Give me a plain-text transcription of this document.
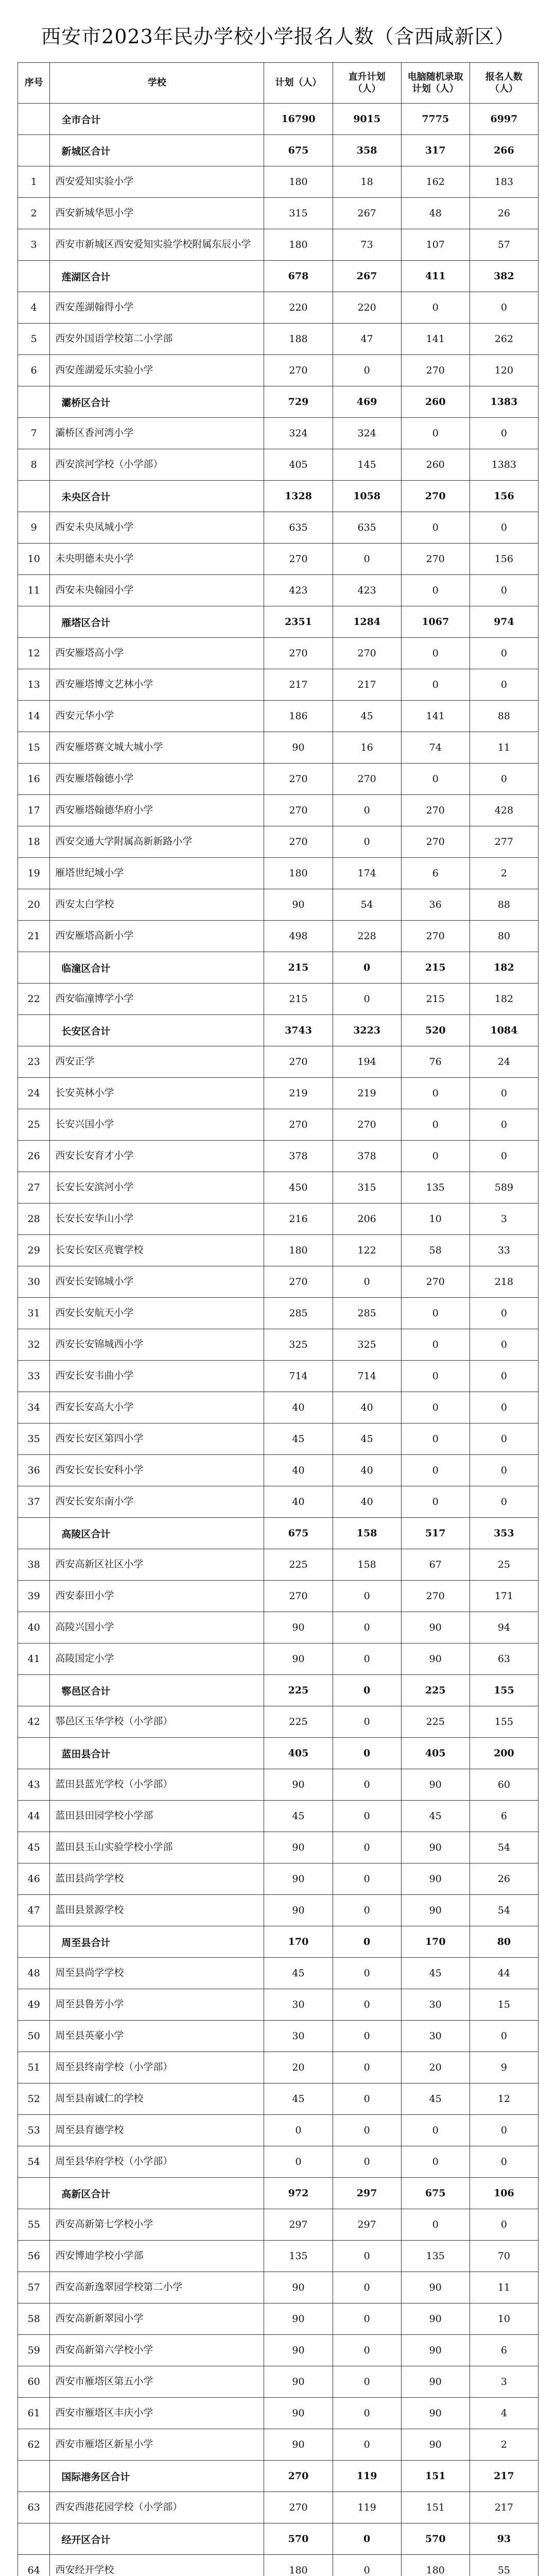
西安市2023年民办学校小学报名人数（含西咸新区）
序号	学校	计划（人）	直升计划（人）	电脑随机录取计划（人）	报名人数（人）
	全市合计	16790	9015	7775	6997
	新城区合计	675	358	317	266
1	西安爱知实验小学	180	18	162	183
2	西安新城华思小学	315	267	48	26
3	西安市新城区西安爱知实验学校附属东辰小学	180	73	107	57
	莲湖区合计	678	267	411	382
4	西安莲湖翰得小学	220	220	0	0
5	西安外国语学校第二小学部	188	47	141	262
6	西安莲湖爱乐实验小学	270	0	270	120
	灞桥区合计	729	469	260	1383
7	灞桥区香河湾小学	324	324	0	0
8	西安滨河学校（小学部）	405	145	260	1383
	未央区合计	1328	1058	270	156
9	西安未央凤城小学	635	635	0	0
10	未央明德未央小学	270	0	270	156
11	西安未央翰园小学	423	423	0	0
	雁塔区合计	2351	1284	1067	974
12	西安雁塔高小学	270	270	0	0
13	西安雁塔博文艺林小学	217	217	0	0
14	西安元华小学	186	45	141	88
15	西安雁塔赛文城大城小学	90	16	74	11
16	西安雁塔翰德小学	270	270	0	0
17	西安雁塔翰德华府小学	270	0	270	428
18	西安交通大学附属高新新路小学	270	0	270	277
19	雁塔世纪城小学	180	174	6	2
20	西安太白学校	90	54	36	88
21	西安雁塔高新小学	498	228	270	80
	临潼区合计	215	0	215	182
22	西安临潼博学小学	215	0	215	182
	长安区合计	3743	3223	520	1084
23	西安正学	270	194	76	24
24	长安英林小学	219	219	0	0
25	长安兴国小学	270	270	0	0
26	西安长安育才小学	378	378	0	0
27	长安长安滨河小学	450	315	135	589
28	长安长安华山小学	216	206	10	3
29	长安长安区亮寰学校	180	122	58	33
30	西安长安锦城小学	270	0	270	218
31	西安长安航天小学	285	285	0	0
32	西安长安锦城西小学	325	325	0	0
33	西安长安韦曲小学	714	714	0	0
34	西安长安高大小学	40	40	0	0
35	西安长安区第四小学	45	45	0	0
36	西安长安长安科小学	40	40	0	0
37	西安长安东南小学	40	40	0	0
	高陵区合计	675	158	517	353
38	西安高新区社区小学	225	158	67	25
39	西安泰田小学	270	0	270	171
40	高陵兴国小学	90	0	90	94
41	高陵国定小学	90	0	90	63
	鄠邑区合计	225	0	225	155
42	鄠邑区玉华学校（小学部）	225	0	225	155
	蓝田县合计	405	0	405	200
43	蓝田县蓝光学校（小学部）	90	0	90	60
44	蓝田县田园学校小学部	45	0	45	6
45	蓝田县玉山实验学校小学部	90	0	90	54
46	蓝田县尚学学校	90	0	90	26
47	蓝田县景源学校	90	0	90	54
	周至县合计	170	0	170	80
48	周至县尚学学校	45	0	45	44
49	周至县鲁芳小学	30	0	30	15
50	周至县英豪小学	30	0	30	0
51	周至县终南学校（小学部）	20	0	20	9
52	周至县南诚仁的学校	45	0	45	12
53	周至县育德学校	0	0	0	0
54	周至县华府学校（小学部）	0	0	0	0
	高新区合计	972	297	675	106
55	西安高新第七学校小学	297	297	0	0
56	西安博迪学校小学部	135	0	135	70
57	西安高新逸翠园学校第二小学	90	0	90	11
58	西安高新新翠园小学	90	0	90	10
59	西安高新第六学校小学	90	0	90	6
60	西安市雁塔区第五小学	90	0	90	3
61	西安市雁塔区丰庆小学	90	0	90	4
62	西安市雁塔区新星小学	90	0	90	2
	国际港务区合计	270	119	151	217
63	西安西港花园学校（小学部）	270	119	151	217
	经开区合计	570	0	570	93
64	西安经开学校	180	0	180	55
